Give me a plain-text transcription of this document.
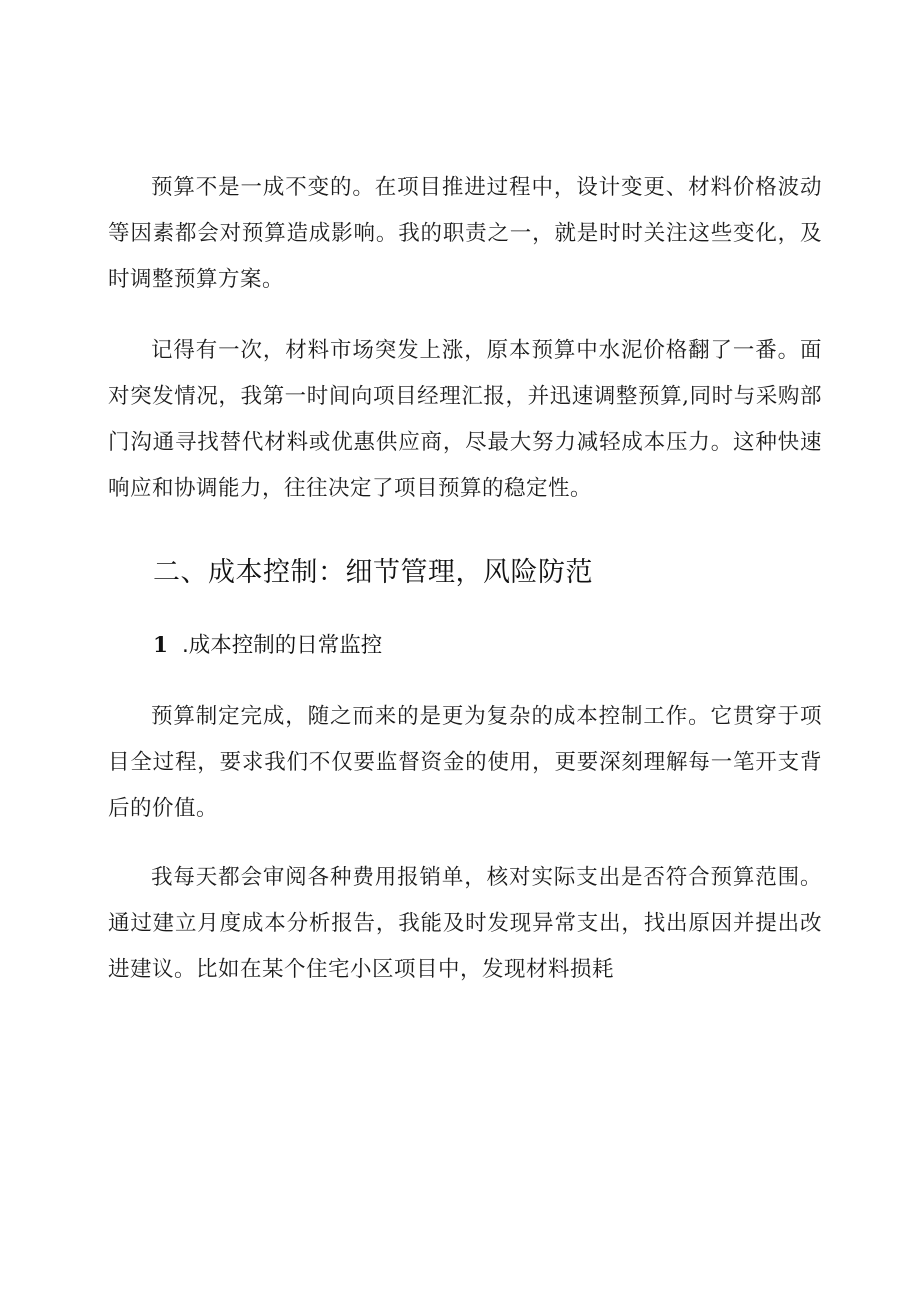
预算不是一成不变的。在项目推进过程中，设计变更、材料价格波动等因素都会对预算造成影响。我的职责之一，就是时时关注这些变化，及时调整预算方案。

记得有一次，材料市场突发上涨，原本预算中水泥价格翻了一番。面对突发情况，我第一时间向项目经理汇报，并迅速调整预算,同时与采购部门沟通寻找替代材料或优惠供应商，尽最大努力减轻成本压力。这种快速响应和协调能力，往往决定了项目预算的稳定性。

二、成本控制：细节管理，风险防范
1 .成本控制的日常监控

预算制定完成，随之而来的是更为复杂的成本控制工作。它贯穿于项目全过程，要求我们不仅要监督资金的使用，更要深刻理解每一笔开支背后的价值。

我每天都会审阅各种费用报销单，核对实际支出是否符合预算范围。通过建立月度成本分析报告，我能及时发现异常支出，找出原因并提出改进建议。比如在某个住宅小区项目中，发现材料损耗
